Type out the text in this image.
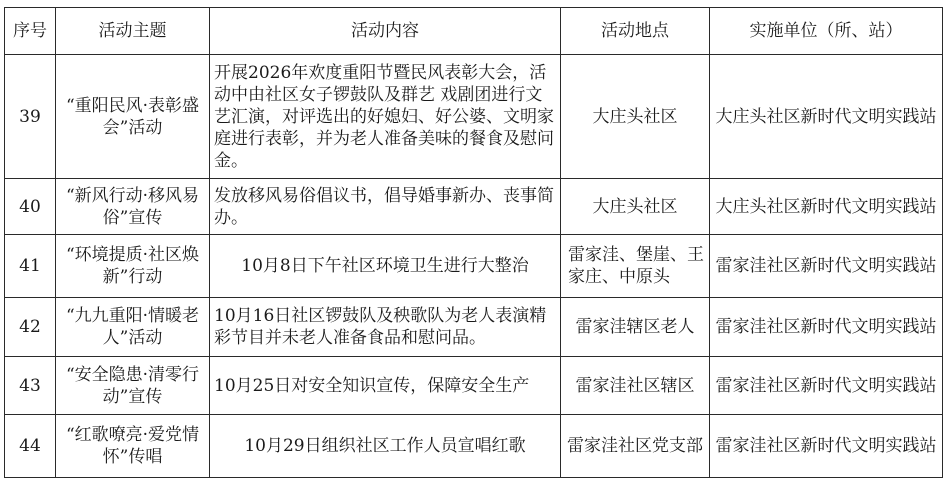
序号	活动主题	活动内容	活动地点	实施单位（所、站）
39	“重阳民风·表彰盛会”活动	开展2026年欢度重阳节暨民风表彰大会，活动中由社区女子锣鼓队及群艺 戏剧团进行文艺汇演，对评选出的好媳妇、好公婆、文明家庭进行表彰，并为老人准备美味的餐食及慰问金。	大庄头社区	大庄头社区新时代文明实践站
40	“新风行动·移风易俗”宣传	发放移风易俗倡议书，倡导婚事新办、丧事简办。	大庄头社区	大庄头社区新时代文明实践站
41	“环境提质·社区焕新”行动	10月8日下午社区环境卫生进行大整治	雷家洼、堡崖、王家庄、中原头	雷家洼社区新时代文明实践站
42	“九九重阳·情暖老人”活动	10月16日社区锣鼓队及秧歌队为老人表演精彩节目并未老人准备食品和慰问品。	雷家洼辖区老人	雷家洼社区新时代文明实践站
43	“安全隐患·清零行动”宣传	10月25日对安全知识宣传，保障安全生产	雷家洼社区辖区	雷家洼社区新时代文明实践站
44	“红歌嘹亮·爱党情怀”传唱	10月29日组织社区工作人员宣唱红歌	雷家洼社区党支部	雷家洼社区新时代文明实践站
